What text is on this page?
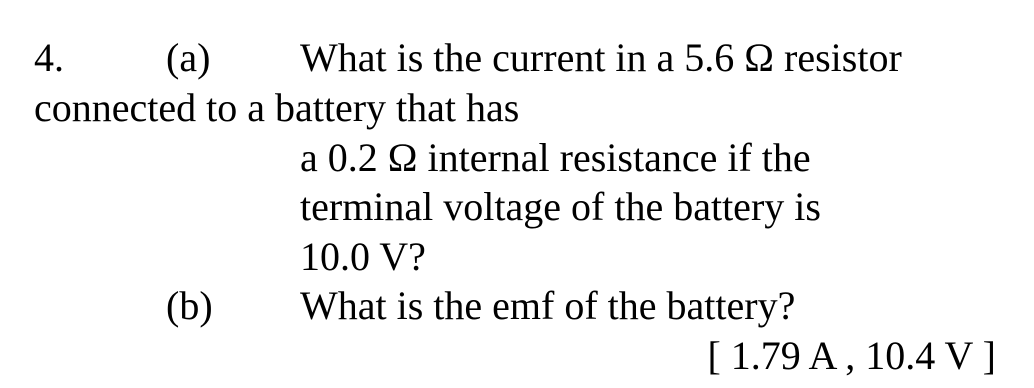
4.	(a) What is the current in a 5.6 Ω resistor
connected to a battery that has
a 0.2 Ω internal resistance if the
terminal voltage of the battery is
10.0 V?
(b) What is the emf of the battery?
[ 1.79 A , 10.4 V ]
